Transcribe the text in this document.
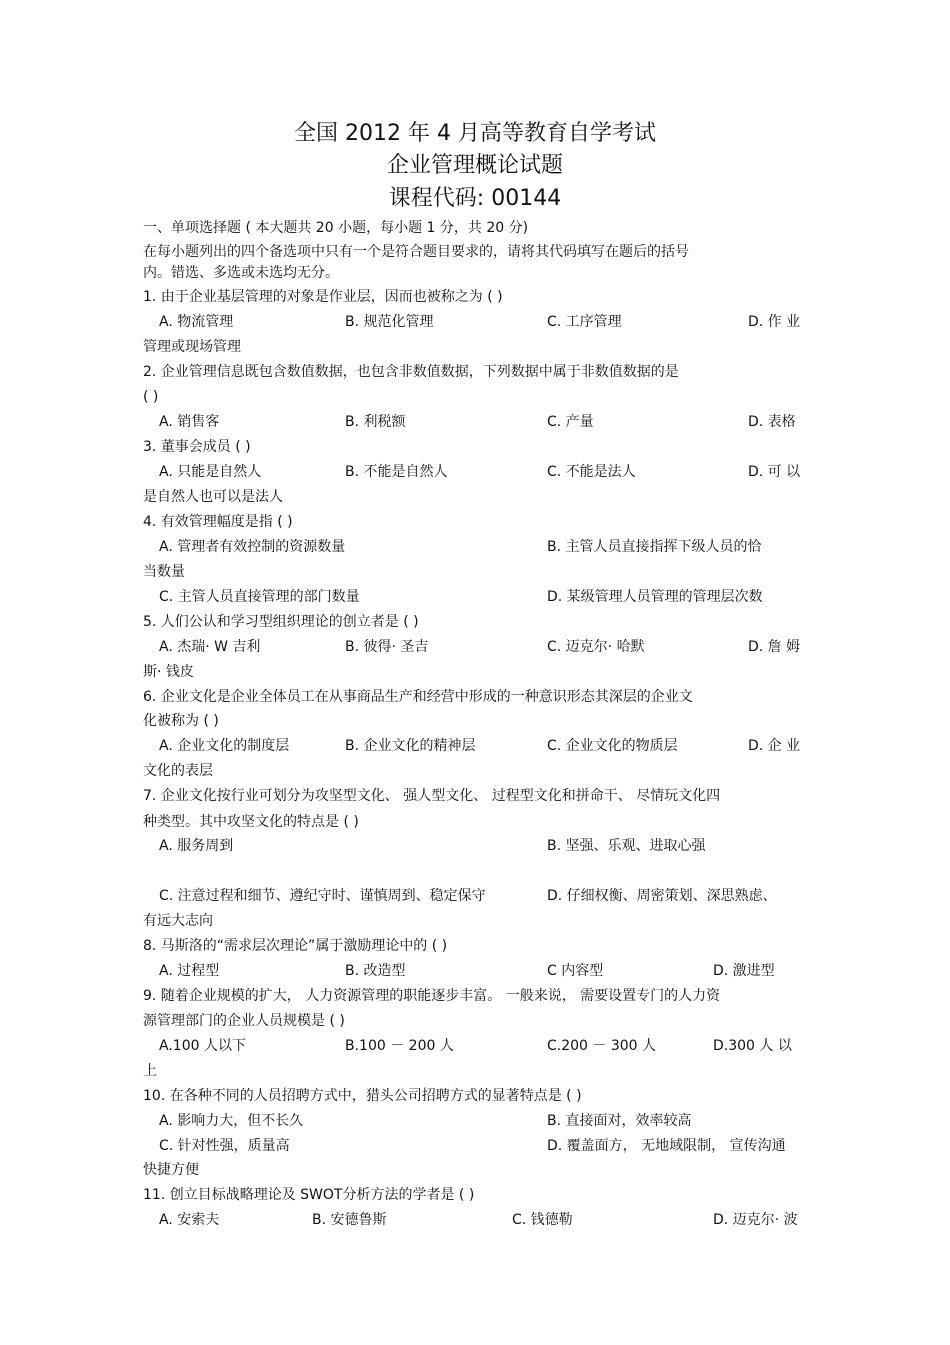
全国 2012 年 4 月高等教育自学考试
企业管理概论试题
课程代码: 00144
一、单项选择题 ( 本大题共 20 小题，每小题 1 分，共 20 分)
在每小题列出的四个备选项中只有一个是符合题目要求的，请将其代码填写在题后的括号
内。错选、多选或未选均无分。
1. 由于企业基层管理的对象是作业层，因而也被称之为 ( )
A. 物流管理	B. 规范化管理	C. 工序管理	D. 作 业
管理或现场管理
2. 企业管理信息既包含数值数据，也包含非数值数据，下列数据中属于非数值数据的是
( )
A. 销售客	B. 利税额	C. 产量	D. 表格
3. 董事会成员 ( )
A. 只能是自然人	B. 不能是自然人	C. 不能是法人	D. 可 以
是自然人也可以是法人
4. 有效管理幅度是指 ( )
A. 管理者有效控制的资源数量	B. 主管人员直接指挥下级人员的恰
当数量
C. 主管人员直接管理的部门数量	D. 某级管理人员管理的管理层次数
5. 人们公认和学习型组织理论的创立者是 ( )
A. 杰瑞· W 吉利	B. 彼得· 圣吉	C. 迈克尔· 哈默	D. 詹 姆
斯· 钱皮
6. 企业文化是企业全体员工在从事商品生产和经营中形成的一种意识形态其深层的企业文
化被称为 ( )
A. 企业文化的制度层	B. 企业文化的精神层	C. 企业文化的物质层	D. 企 业
文化的表层
7. 企业文化按行业可划分为攻坚型文化、 强人型文化、 过程型文化和拼命干、 尽情玩文化四
种类型。其中攻坚文化的特点是 ( )
A. 服务周到	B. 坚强、乐观、进取心强
C. 注意过程和细节、遵纪守时、谨慎周到、稳定保守	D. 仔细权衡、周密策划、深思熟虑、
有远大志向
8. 马斯洛的“需求层次理论”属于激励理论中的 ( )
A. 过程型	B. 改造型	C 内容型	D. 激进型
9. 随着企业规模的扩大， 人力资源管理的职能逐步丰富。 一般来说， 需要设置专门的人力资
源管理部门的企业人员规模是 ( )
A.100 人以下	B.100 － 200 人	C.200 － 300 人	D.300 人 以
上
10. 在各种不同的人员招聘方式中，猎头公司招聘方式的显著特点是 ( )
A. 影响力大，但不长久	B. 直接面对，效率较高
C. 针对性强，质量高	D. 覆盖面方， 无地域限制， 宣传沟通
快捷方便
11. 创立目标战略理论及 SWOT分析方法的学者是 ( )
A. 安索夫	B. 安德鲁斯	C. 钱德勒	D. 迈克尔· 波
